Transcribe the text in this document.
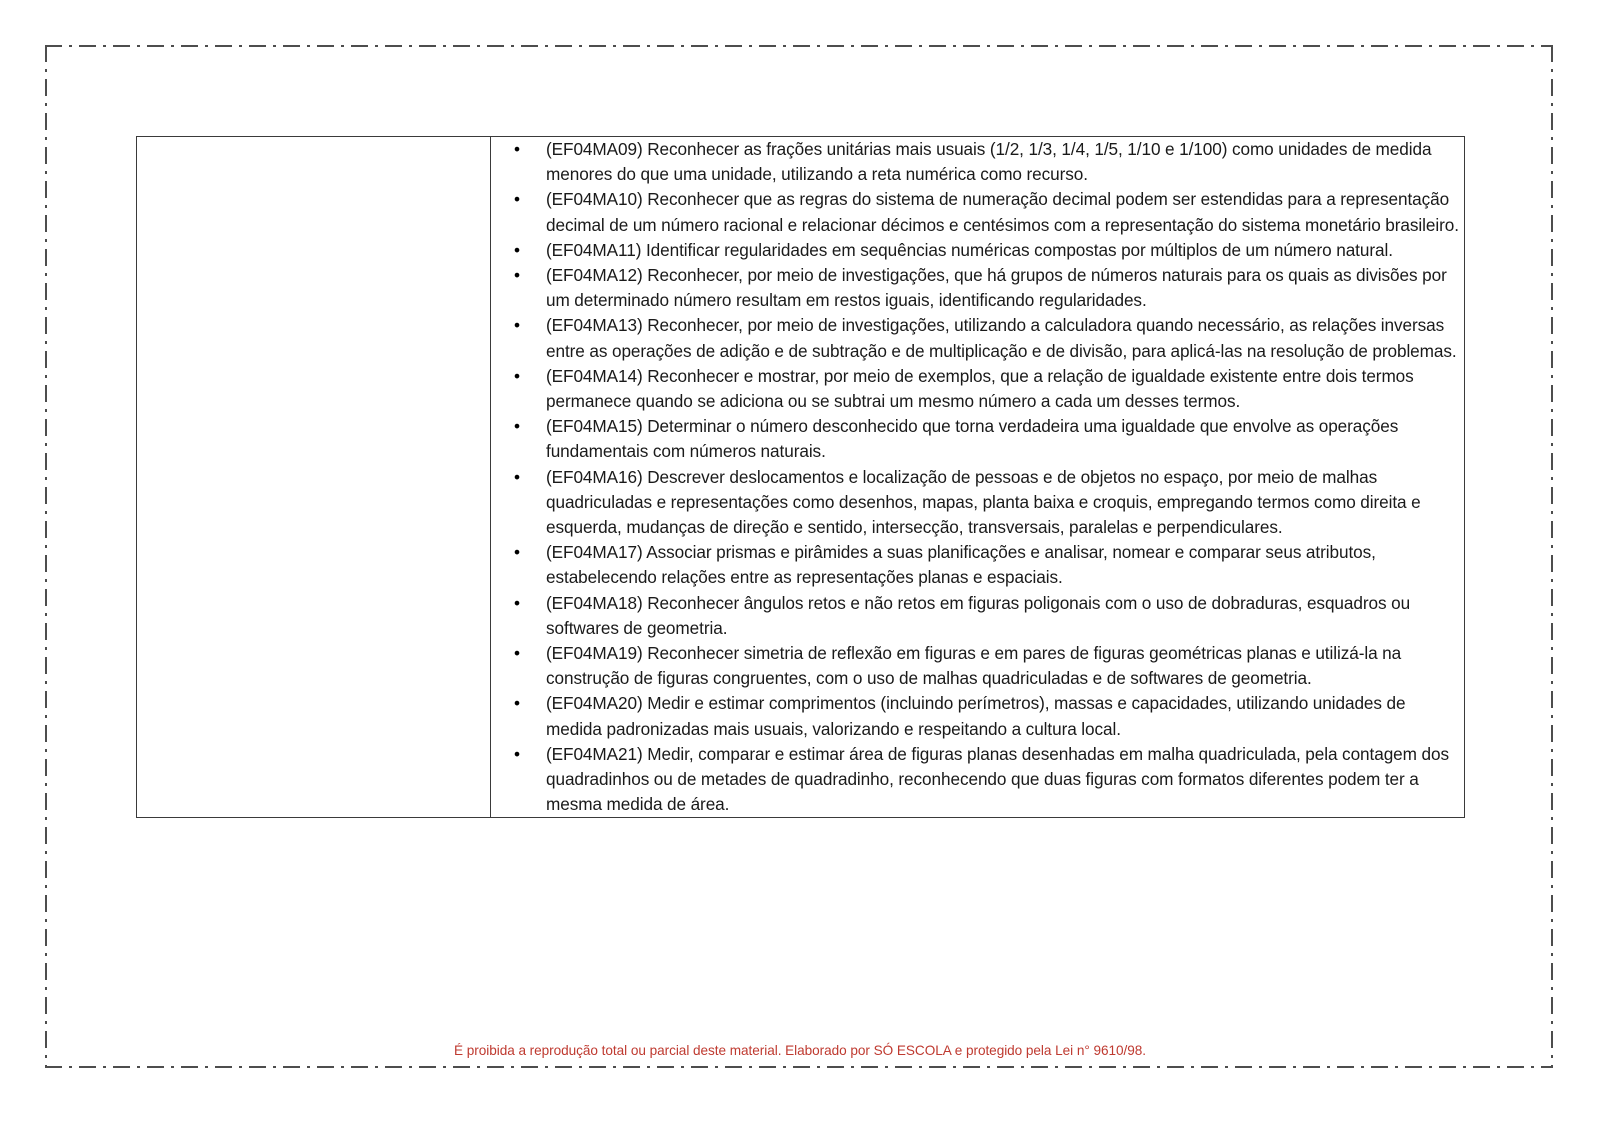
• (EF04MA09) Reconhecer as frações unitárias mais usuais (1/2, 1/3, 1/4, 1/5, 1/10 e 1/100) como unidades de medida menores do que uma unidade, utilizando a reta numérica como recurso.
• (EF04MA10) Reconhecer que as regras do sistema de numeração decimal podem ser estendidas para a representação decimal de um número racional e relacionar décimos e centésimos com a representação do sistema monetário brasileiro.
• (EF04MA11) Identificar regularidades em sequências numéricas compostas por múltiplos de um número natural.
• (EF04MA12) Reconhecer, por meio de investigações, que há grupos de números naturais para os quais as divisões por um determinado número resultam em restos iguais, identificando regularidades.
• (EF04MA13) Reconhecer, por meio de investigações, utilizando a calculadora quando necessário, as relações inversas entre as operações de adição e de subtração e de multiplicação e de divisão, para aplicá-las na resolução de problemas.
• (EF04MA14) Reconhecer e mostrar, por meio de exemplos, que a relação de igualdade existente entre dois termos permanece quando se adiciona ou se subtrai um mesmo número a cada um desses termos.
• (EF04MA15) Determinar o número desconhecido que torna verdadeira uma igualdade que envolve as operações fundamentais com números naturais.
• (EF04MA16) Descrever deslocamentos e localização de pessoas e de objetos no espaço, por meio de malhas quadriculadas e representações como desenhos, mapas, planta baixa e croquis, empregando termos como direita e esquerda, mudanças de direção e sentido, intersecção, transversais, paralelas e perpendiculares.
• (EF04MA17) Associar prismas e pirâmides a suas planificações e analisar, nomear e comparar seus atributos, estabelecendo relações entre as representações planas e espaciais.
• (EF04MA18) Reconhecer ângulos retos e não retos em figuras poligonais com o uso de dobraduras, esquadros ou softwares de geometria.
• (EF04MA19) Reconhecer simetria de reflexão em figuras e em pares de figuras geométricas planas e utilizá-la na construção de figuras congruentes, com o uso de malhas quadriculadas e de softwares de geometria.
• (EF04MA20) Medir e estimar comprimentos (incluindo perímetros), massas e capacidades, utilizando unidades de medida padronizadas mais usuais, valorizando e respeitando a cultura local.
• (EF04MA21) Medir, comparar e estimar área de figuras planas desenhadas em malha quadriculada, pela contagem dos quadradinhos ou de metades de quadradinho, reconhecendo que duas figuras com formatos diferentes podem ter a mesma medida de área.
É proibida a reprodução total ou parcial deste material. Elaborado por SÓ ESCOLA e protegido pela Lei n° 9610/98.
